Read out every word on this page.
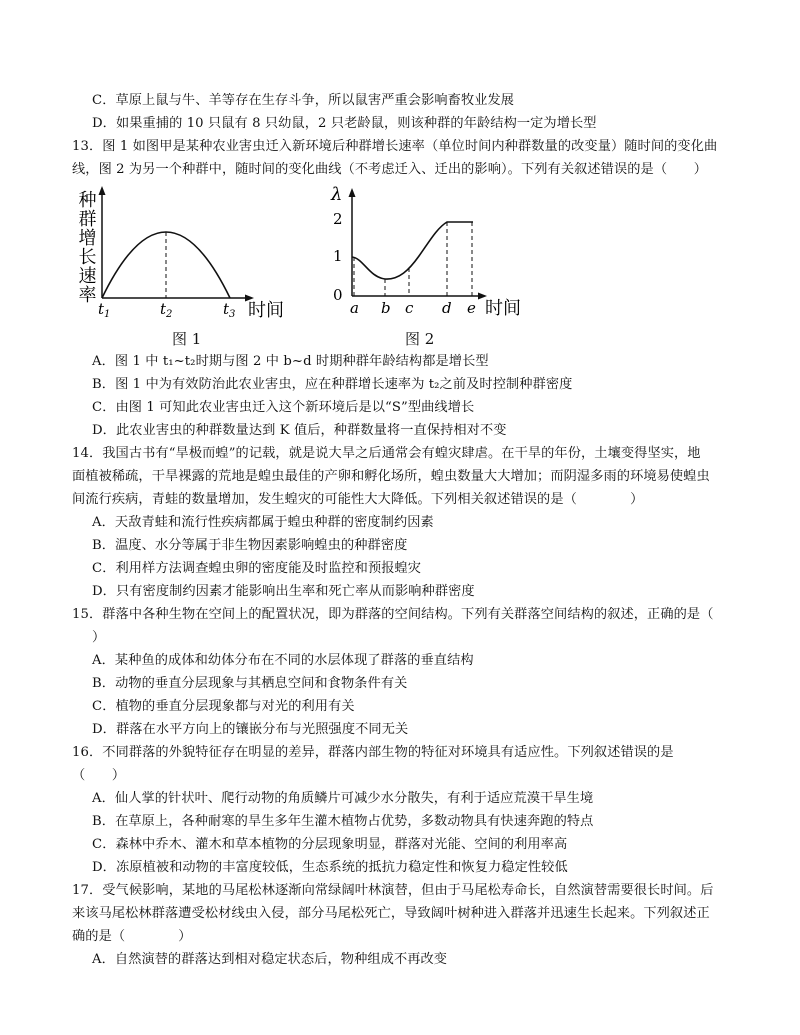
C．草原上鼠与牛、羊等存在生存斗争，所以鼠害严重会影响畜牧业发展
D．如果重捕的 10 只鼠有 8 只幼鼠，2 只老龄鼠，则该种群的年龄结构一定为增长型
13．图 1 如图甲是某种农业害虫迁入新环境后种群增长速率（单位时间内种群数量的改变量）随时间的变化曲
线，图 2 为另一个种群中，随时间的变化曲线（不考虑迁入、迁出的影响）。下列有关叙述错误的是（　　）
种群增长速率
$t_1$	$t_2$	$t_3$ 时间
图 1
λ
2
1
0
a b c d e 时间
图 2
A．图 1 中 t₁~t₂时期与图 2 中 b~d 时期种群年龄结构都是增长型
B．图 1 中为有效防治此农业害虫，应在种群增长速率为 t₂之前及时控制种群密度
C．由图 1 可知此农业害虫迁入这个新环境后是以“S”型曲线增长
D．此农业害虫的种群数量达到 K 值后，种群数量将一直保持相对不变
14．我国古书有“旱极而蝗”的记载，就是说大旱之后通常会有蝗灾肆虐。在干旱的年份，土壤变得坚实，地
面植被稀疏，干旱裸露的荒地是蝗虫最佳的产卵和孵化场所，蝗虫数量大大增加；而阴湿多雨的环境易使蝗虫
间流行疾病，青蛙的数量增加，发生蝗灾的可能性大大降低。下列相关叙述错误的是（　　　　）
A．天敌青蛙和流行性疾病都属于蝗虫种群的密度制约因素
B．温度、水分等属于非生物因素影响蝗虫的种群密度
C．利用样方法调查蝗虫卵的密度能及时监控和预报蝗灾
D．只有密度制约因素才能影响出生率和死亡率从而影响种群密度
15．群落中各种生物在空间上的配置状况，即为群落的空间结构。下列有关群落空间结构的叙述，正确的是（
）
A．某种鱼的成体和幼体分布在不同的水层体现了群落的垂直结构
B．动物的垂直分层现象与其栖息空间和食物条件有关
C．植物的垂直分层现象都与对光的利用有关
D．群落在水平方向上的镶嵌分布与光照强度不同无关
16．不同群落的外貌特征存在明显的差异，群落内部生物的特征对环境具有适应性。下列叙述错误的是
（　　）
A．仙人掌的针状叶、爬行动物的角质鳞片可减少水分散失，有利于适应荒漠干旱生境
B．在草原上，各种耐寒的旱生多年生灌木植物占优势，多数动物具有快速奔跑的特点
C．森林中乔木、灌木和草本植物的分层现象明显，群落对光能、空间的利用率高
D．冻原植被和动物的丰富度较低，生态系统的抵抗力稳定性和恢复力稳定性较低
17．受气候影响，某地的马尾松林逐渐向常绿阔叶林演替，但由于马尾松寿命长，自然演替需要很长时间。后
来该马尾松林群落遭受松材线虫入侵，部分马尾松死亡，导致阔叶树种进入群落并迅速生长起来。下列叙述正
确的是（　　　　）
A．自然演替的群落达到相对稳定状态后，物种组成不再改变
